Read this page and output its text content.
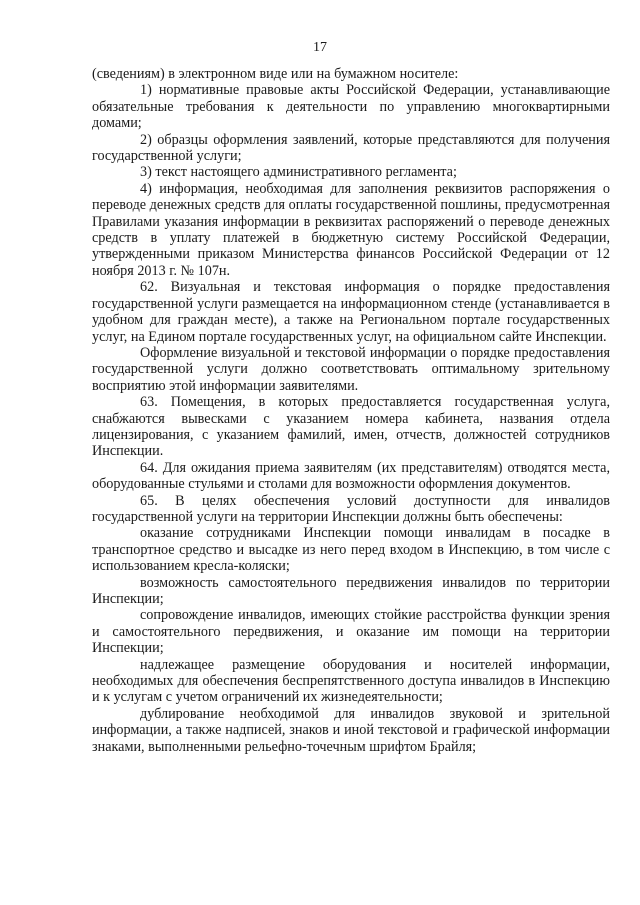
17

(сведениям) в электронном виде или на бумажном носителе:

1) нормативные правовые акты Российской Федерации, устанавливающие обязательные требования к деятельности по управлению многоквартирными домами;

2) образцы оформления заявлений, которые представляются для получения государственной услуги;

3) текст настоящего административного регламента;

4) информация, необходимая для заполнения реквизитов распоряжения о переводе денежных средств для оплаты государственной пошлины, предусмотренная Правилами указания информации в реквизитах распоряжений о переводе денежных средств в уплату платежей в бюджетную систему Российской Федерации, утвержденными приказом Министерства финансов Российской Федерации от 12 ноября 2013 г. № 107н.

62. Визуальная и текстовая информация о порядке предоставления государственной услуги размещается на информационном стенде (устанавливается в удобном для граждан месте), а также на Региональном портале государственных услуг, на Едином портале государственных услуг, на официальном сайте Инспекции.

Оформление визуальной и текстовой информации о порядке предоставления государственной услуги должно соответствовать оптимальному зрительному восприятию этой информации заявителями.

63. Помещения, в которых предоставляется государственная услуга, снабжаются вывесками с указанием номера кабинета, названия отдела лицензирования, с указанием фамилий, имен, отчеств, должностей сотрудников Инспекции.

64. Для ожидания приема заявителям (их представителям) отводятся места, оборудованные стульями и столами для возможности оформления документов.

65. В целях обеспечения условий доступности для инвалидов государственной услуги на территории Инспекции должны быть обеспечены:

оказание сотрудниками Инспекции помощи инвалидам в посадке в транспортное средство и высадке из него перед входом в Инспекцию, в том числе с использованием кресла-коляски;

возможность самостоятельного передвижения инвалидов по территории Инспекции;

сопровождение инвалидов, имеющих стойкие расстройства функции зрения и самостоятельного передвижения, и оказание им помощи на территории Инспекции;

надлежащее размещение оборудования и носителей информации, необходимых для обеспечения беспрепятственного доступа инвалидов в Инспекцию и к услугам с учетом ограничений их жизнедеятельности;

дублирование необходимой для инвалидов звуковой и зрительной информации, а также надписей, знаков и иной текстовой и графической информации знаками, выполненными рельефно-точечным шрифтом Брайля;
